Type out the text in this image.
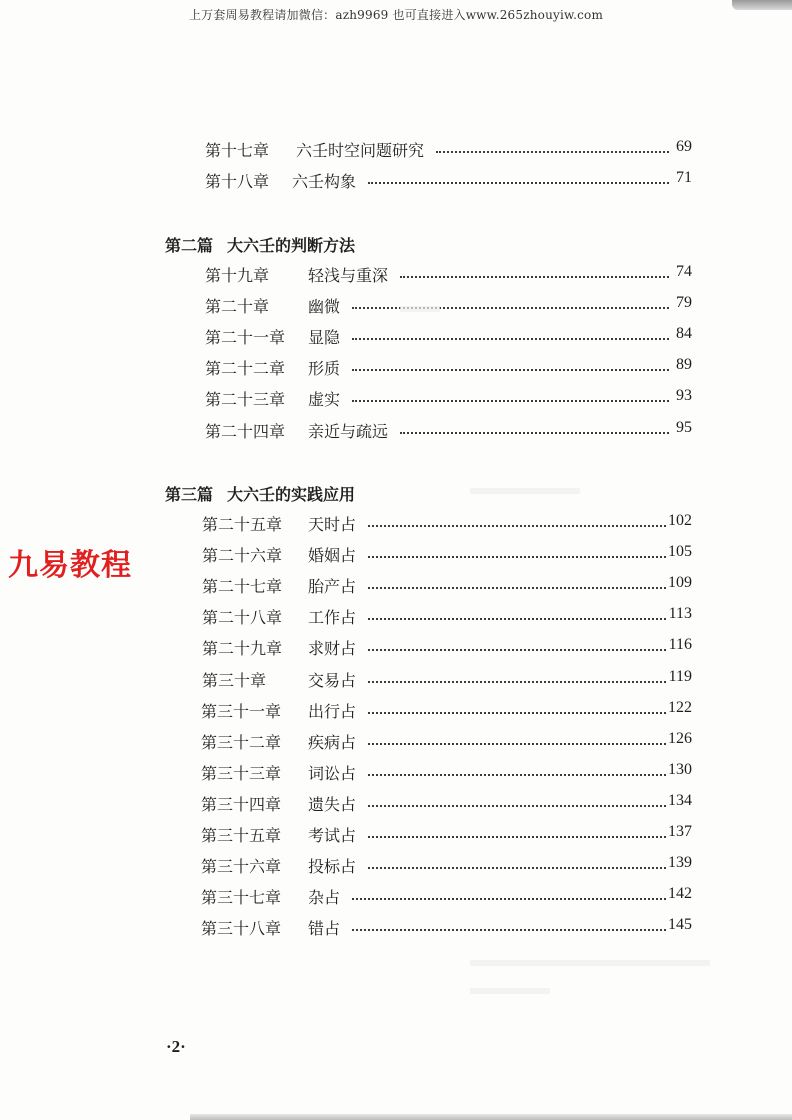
上万套周易教程请加微信：azh9969 也可直接进入www.265zhouyiw.com
第十七章 六壬时空问题研究	69
第十八章 六壬构象	71
第二篇 大六壬的判断方法
第十九章 轻浅与重深	74
第二十章 幽微	79
第二十一章 显隐	84
第二十二章 形质	89
第二十三章 虚实	93
第二十四章 亲近与疏远	95
第三篇 大六壬的实践应用
第二十五章 天时占	102
第二十六章 婚姻占	105
第二十七章 胎产占	109
第二十八章 工作占	113
第二十九章 求财占	116
第三十章	交易占	119
第三十一章 出行占	122
第三十二章 疾病占	126
第三十三章 词讼占	130
第三十四章 遗失占	134
第三十五章 考试占	137
第三十六章 投标占	139
第三十七章 杂占	142
第三十八章 错占	145
九易教程
·2·
